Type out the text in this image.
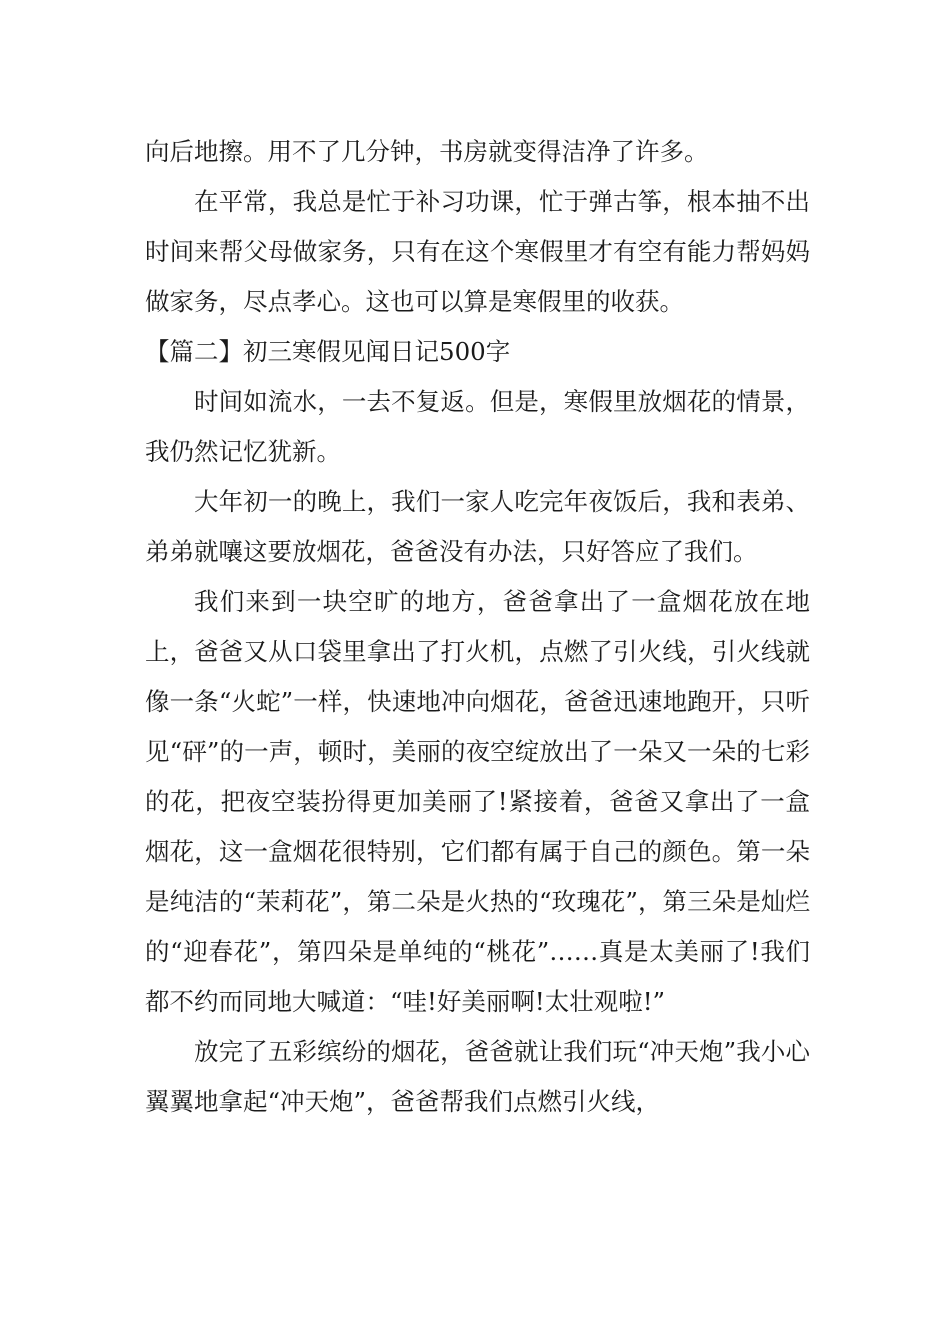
向后地擦。用不了几分钟，书房就变得洁净了许多。

在平常，我总是忙于补习功课，忙于弹古筝，根本抽不出时间来帮父母做家务，只有在这个寒假里才有空有能力帮妈妈做家务，尽点孝心。这也可以算是寒假里的收获。

【篇二】初三寒假见闻日记500字

时间如流水，一去不复返。但是，寒假里放烟花的情景，我仍然记忆犹新。

大年初一的晚上，我们一家人吃完年夜饭后，我和表弟、弟弟就嚷这要放烟花，爸爸没有办法，只好答应了我们。

我们来到一块空旷的地方，爸爸拿出了一盒烟花放在地上，爸爸又从口袋里拿出了打火机，点燃了引火线，引火线就像一条“火蛇”一样，快速地冲向烟花，爸爸迅速地跑开，只听见“砰”的一声，顿时，美丽的夜空绽放出了一朵又一朵的七彩的花，把夜空装扮得更加美丽了!紧接着，爸爸又拿出了一盒烟花，这一盒烟花很特别，它们都有属于自己的颜色。第一朵是纯洁的“茉莉花”，第二朵是火热的“玫瑰花”，第三朵是灿烂的“迎春花”，第四朵是单纯的“桃花”……真是太美丽了!我们都不约而同地大喊道：“哇!好美丽啊!太壮观啦!”

放完了五彩缤纷的烟花，爸爸就让我们玩“冲天炮”我小心翼翼地拿起“冲天炮”，爸爸帮我们点燃引火线，
